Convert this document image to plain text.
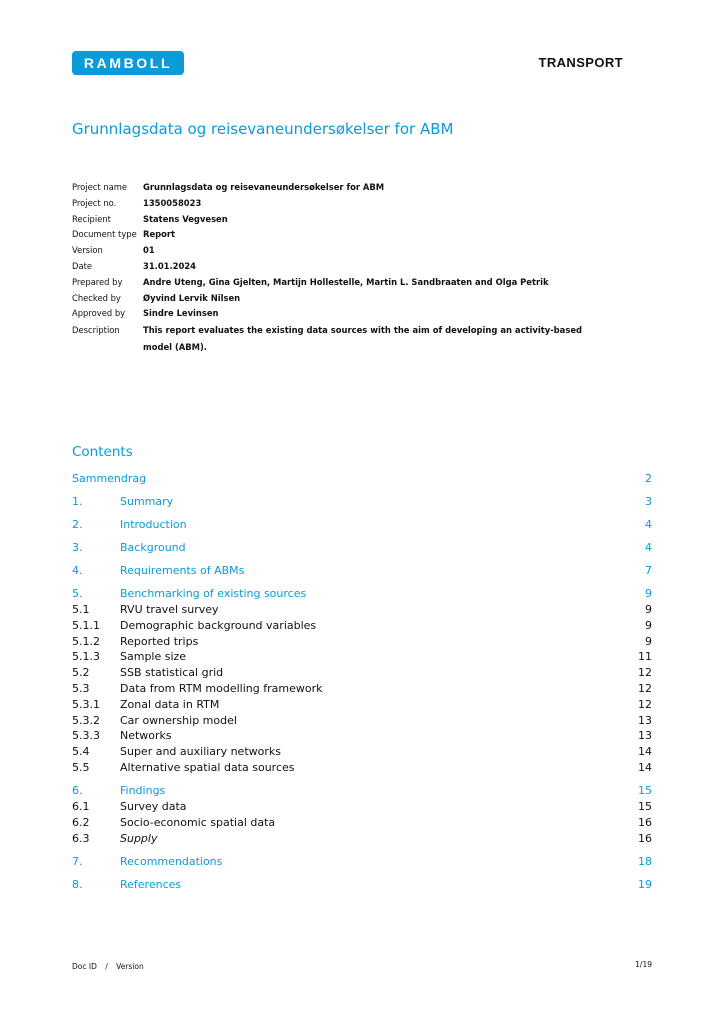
RAMBOLL	TRANSPORT
Grunnlagsdata og reisevaneundersøkelser for ABM
Project name	Grunnlagsdata og reisevaneundersøkelser for ABM
Project no.	1350058023
Recipient	Statens Vegvesen
Document type Report
Version	01
Date	31.01.2024
Prepared by	Andre Uteng, Gina Gjelten, Martijn Hollestelle, Martin L. Sandbraaten and Olga Petrik
Checked by	Øyvind Lervik Nilsen
Approved by	Sindre Levinsen
Description	This report evaluates the existing data sources with the aim of developing an activity-based model (ABM).
Contents
Sammendrag	2
1.	Summary	3
2.	Introduction	4
3.	Background	4
4.	Requirements of ABMs	7
5.	Benchmarking of existing sources	9
5.1	RVU travel survey	9
5.1.1	Demographic background variables	9
5.1.2	Reported trips	9
5.1.3	Sample size	11
5.2	SSB statistical grid	12
5.3	Data from RTM modelling framework	12
5.3.1	Zonal data in RTM	12
5.3.2	Car ownership model	13
5.3.3	Networks	13
5.4	Super and auxiliary networks	14
5.5	Alternative spatial data sources	14
6.	Findings	15
6.1	Survey data	15
6.2	Socio-economic spatial data	16
6.3	Supply	16
7.	Recommendations	18
8.	References	19
Doc ID / Version	1/19
